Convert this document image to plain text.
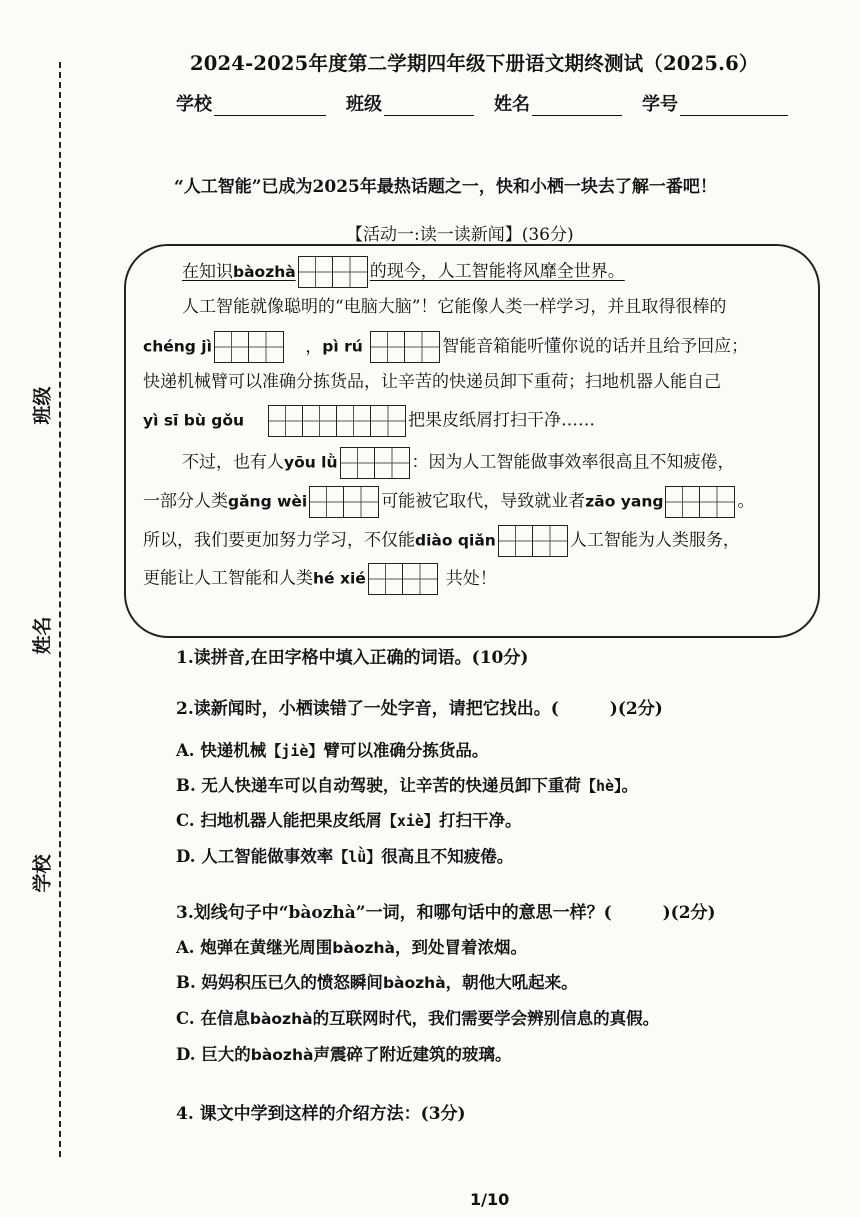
班级
姓名
学校
2024-2025年度第二学期四年级下册语文期终测试（2025.6）
学校	班级	姓名	学号
“人工智能”已成为2025年最热话题之一，快和小栖一块去了解一番吧！
【活动一:读一读新闻】(36分)
在知识bàozhà	的现今，人工智能将风靡全世界。
人工智能就像聪明的“电脑大脑”！它能像人类一样学习，并且取得很棒的
chéng jì	，pì rú	智能音箱能听懂你说的话并且给予回应；
快递机械臂可以准确分拣货品，让辛苦的快递员卸下重荷；扫地机器人能自己
yì sī bù gǒu	把果皮纸屑打扫干净……
不过，也有人yōu lǜ	：因为人工智能做事效率很高且不知疲倦，
一部分人类gǎng wèi	可能被它取代，导致就业者zāo yang	。
所以，我们要更加努力学习，不仅能diào qiǎn	人工智能为人类服务，
更能让人工智能和人类hé xié	共处！
1.读拼音,在田字格中填入正确的词语。(10分)
2.读新闻时，小栖读错了一处字音，请把它找出。(　　　)(2分)
A. 快递机械【jiè】臂可以准确分拣货品。
B. 无人快递车可以自动驾驶，让辛苦的快递员卸下重荷【hè】。
C. 扫地机器人能把果皮纸屑【xiè】打扫干净。
D. 人工智能做事效率【lǜ】很高且不知疲倦。
3.划线句子中“bàozhà”一词，和哪句话中的意思一样？(　　　)(2分)
A. 炮弹在黄继光周围bàozhà，到处冒着浓烟。
B. 妈妈积压已久的愤怒瞬间bàozhà，朝他大吼起来。
C. 在信息bàozhà的互联网时代，我们需要学会辨别信息的真假。
D. 巨大的bàozhà声震碎了附近建筑的玻璃。
4. 课文中学到这样的介绍方法：(3分)
1/10
